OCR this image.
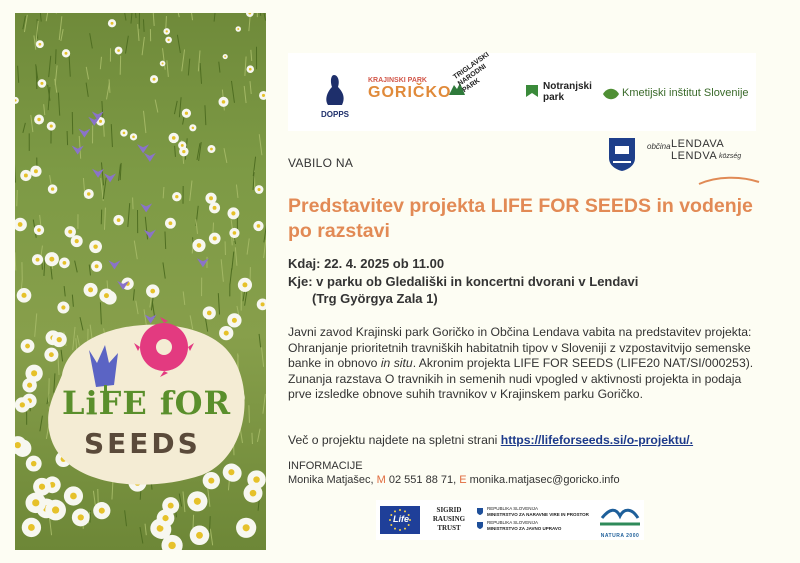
LiFE fOR
SEEDS
DOPPS
KRAJINSKI PARK
GORIČKO
TRIGLAVSKI NARODNI PARK	Notranjski park	Kmetijski inštitut Slovenije
občina LENDAVA
LENDVA község
VABILO NA
Predstavitev projekta LIFE FOR SEEDS in vodenje po razstavi
Kdaj: 22. 4. 2025 ob 11.00
Kje: v parku ob Gledališki in koncertni dvorani v Lendavi
(Trg Györgya Zala 1)
Javni zavod Krajinski park Goričko in Občina Lendava vabita na predstavitev projekta: Ohranjanje prioritetnih travniških habitatnih tipov v Sloveniji z vzpostavitvijo semenske banke in obnovo in situ. Akronim projekta LIFE FOR SEEDS (LIFE20 NAT/SI/000253).
Zunanja razstava O travnikih in semenih nudi vpogled v aktivnosti projekta in podaja prve izsledke obnove suhih travnikov v Krajinskem parku Goričko.
Več o projektu najdete na spletni strani https://lifeforseeds.si/o-projektu/.
INFORMACIJE
Monika Matjašec, M 02 551 88 71, E monika.matjasec@goricko.info
Life
SIGRID
RAUSING
TRUST
REPUBLIKA SLOVENIJA
MINISTRSTVO ZA NARAVNE VIRE IN PROSTOR
REPUBLIKA SLOVENIJA
MINISTRSTVO ZA JAVNO UPRAVO
NATURA 2000
